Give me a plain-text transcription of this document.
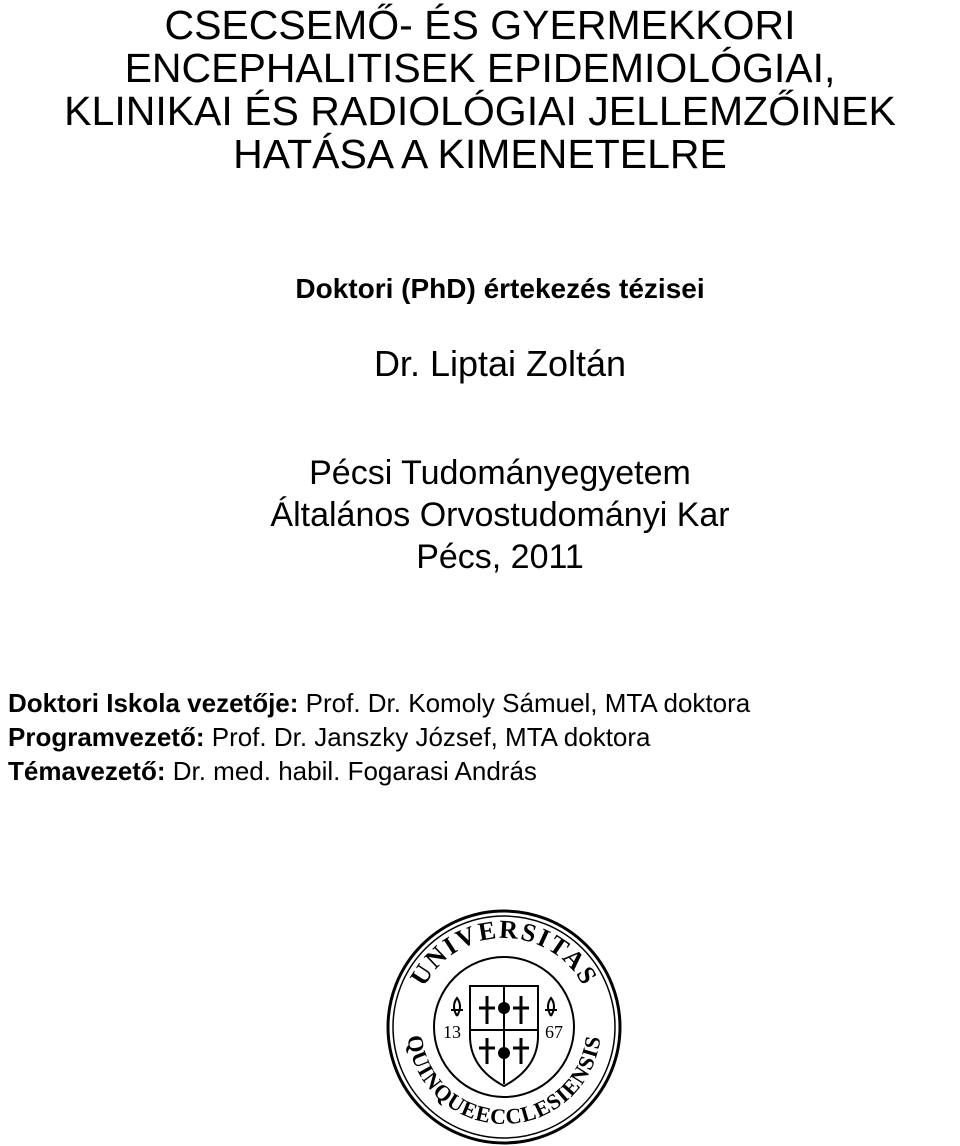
CSECSEMŐ- ÉS GYERMEKKORI
ENCEPHALITISEK EPIDEMIOLÓGIAI,
KLINIKAI ÉS RADIOLÓGIAI JELLEMZŐINEK
HATÁSA A KIMENETELRE
Doktori (PhD) értekezés tézisei
Dr. Liptai Zoltán
Pécsi Tudományegyetem
Általános Orvostudományi Kar
Pécs, 2011
Doktori Iskola vezetője: Prof. Dr. Komoly Sámuel, MTA doktora
Programvezető: Prof. Dr. Janszky József, MTA doktora
Témavezető: Dr. med. habil. Fogarasi András
UNIVERSITAS
QUINQUEECCLESIENSIS
13	67
